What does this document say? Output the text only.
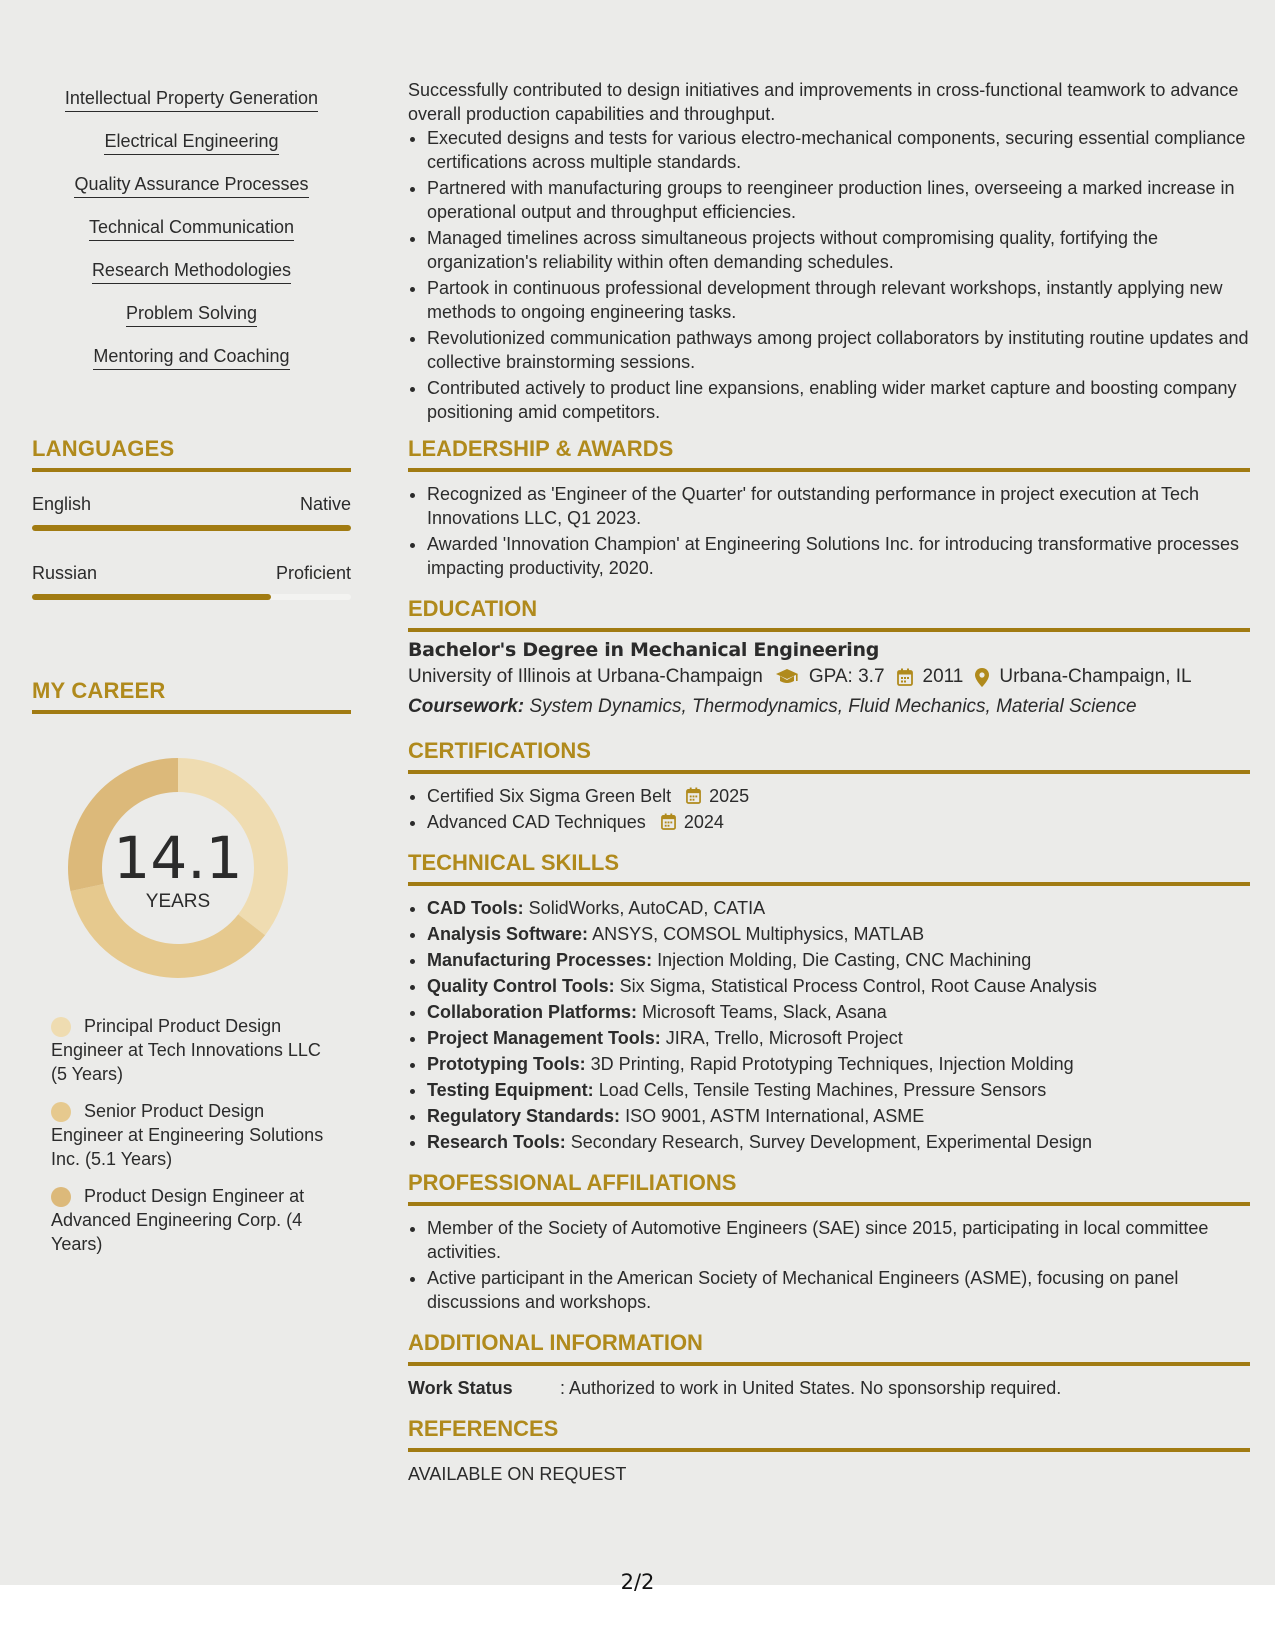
Intellectual Property Generation
Electrical Engineering
Quality Assurance Processes
Technical Communication
Research Methodologies
Problem Solving
Mentoring and Coaching
LANGUAGES
English	Native
Russian	Proficient
MY CAREER
14.1
YEARS
Principal Product Design Engineer at Tech Innovations LLC (5 Years)
Senior Product Design Engineer at Engineering Solutions Inc. (5.1 Years)
Product Design Engineer at Advanced Engineering Corp. (4 Years)

Successfully contributed to design initiatives and improvements in cross-functional teamwork to advance overall production capabilities and throughput.

• Executed designs and tests for various electro-mechanical components, securing essential compliance certifications across multiple standards.
• Partnered with manufacturing groups to reengineer production lines, overseeing a marked increase in operational output and throughput efficiencies.
• Managed timelines across simultaneous projects without compromising quality, fortifying the organization's reliability within often demanding schedules.
• Partook in continuous professional development through relevant workshops, instantly applying new methods to ongoing engineering tasks.
• Revolutionized communication pathways among project collaborators by instituting routine updates and collective brainstorming sessions.
• Contributed actively to product line expansions, enabling wider market capture and boosting company positioning amid competitors.
LEADERSHIP & AWARDS
• Recognized as 'Engineer of the Quarter' for outstanding performance in project execution at Tech Innovations LLC, Q1 2023.
• Awarded 'Innovation Champion' at Engineering Solutions Inc. for introducing transformative processes impacting productivity, 2020.
EDUCATION
Bachelor's Degree in Mechanical Engineering
University of Illinois at Urbana-Champaign GPA: 3.7 2011 Urbana-Champaign, IL
Coursework: System Dynamics, Thermodynamics, Fluid Mechanics, Material Science
CERTIFICATIONS
• Certified Six Sigma Green Belt 2025
• Advanced CAD Techniques 2024
TECHNICAL SKILLS
• CAD Tools: SolidWorks, AutoCAD, CATIA
• Analysis Software: ANSYS, COMSOL Multiphysics, MATLAB
• Manufacturing Processes: Injection Molding, Die Casting, CNC Machining
• Quality Control Tools: Six Sigma, Statistical Process Control, Root Cause Analysis
• Collaboration Platforms: Microsoft Teams, Slack, Asana
• Project Management Tools: JIRA, Trello, Microsoft Project
• Prototyping Tools: 3D Printing, Rapid Prototyping Techniques, Injection Molding
• Testing Equipment: Load Cells, Tensile Testing Machines, Pressure Sensors
• Regulatory Standards: ISO 9001, ASTM International, ASME
• Research Tools: Secondary Research, Survey Development, Experimental Design
PROFESSIONAL AFFILIATIONS
• Member of the Society of Automotive Engineers (SAE) since 2015, participating in local committee activities.
• Active participant in the American Society of Mechanical Engineers (ASME), focusing on panel discussions and workshops.
ADDITIONAL INFORMATION
Work Status	: Authorized to work in United States. No sponsorship required.
REFERENCES
AVAILABLE ON REQUEST
2/2
